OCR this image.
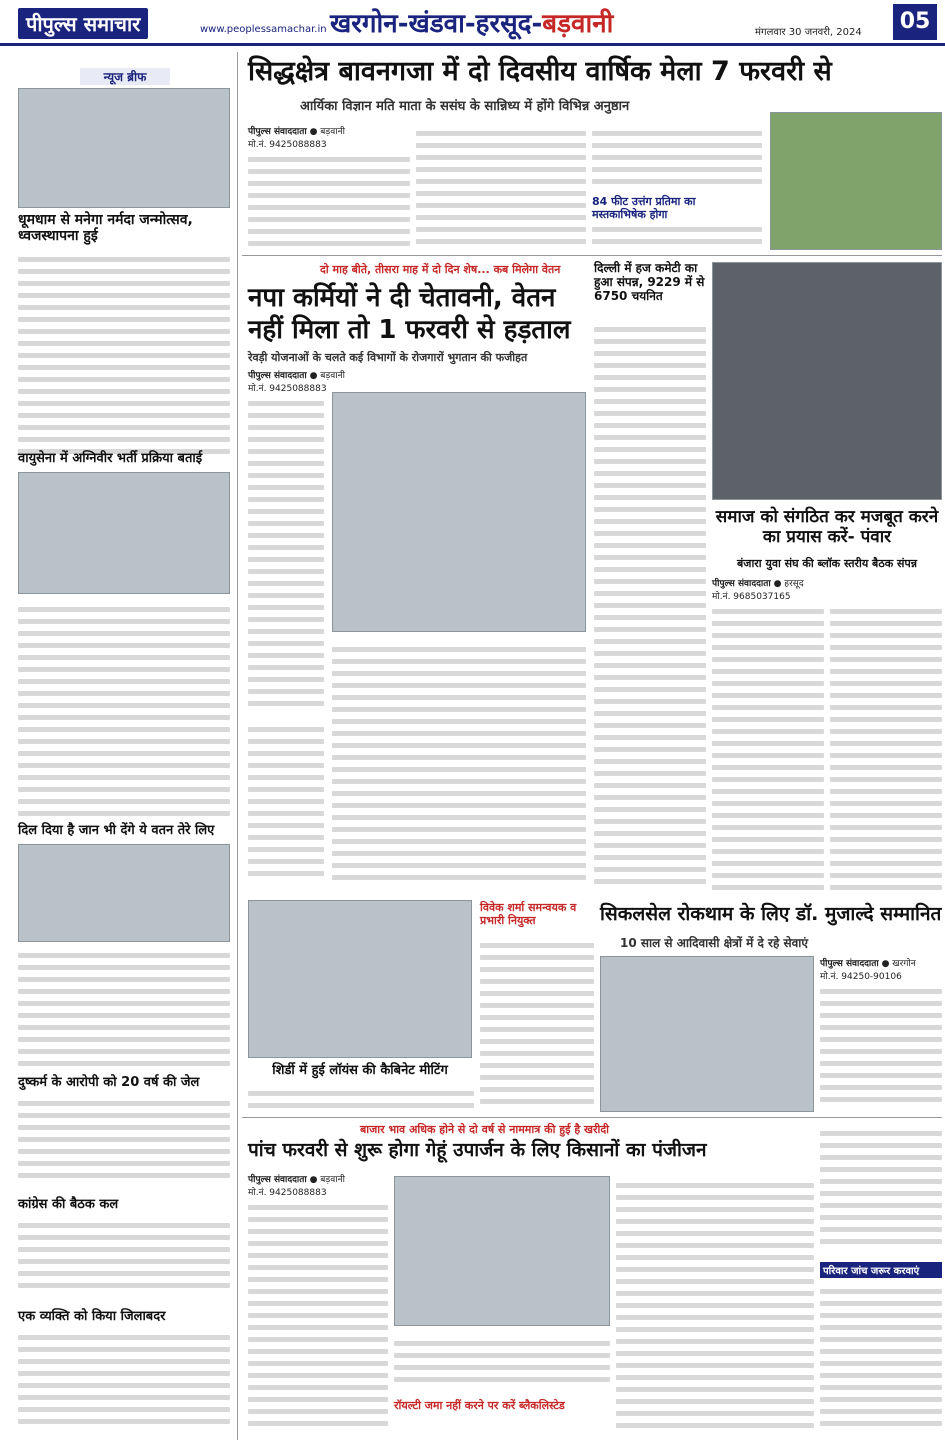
पीपुल्स समाचार	www.peoplessamachar.in खरगोन-खंडवा-हरसूद-बड़वानी	मंगलवार 30 जनवरी, 2024	05
न्यूज ब्रीफ
धूमधाम से मनेगा नर्मदा जन्मोत्सव, ध्वजस्थापना हुई
वायुसेना में अग्निवीर भर्ती प्रक्रिया बताई
दिल दिया है जान भी देंगे ये वतन तेरे लिए
दुष्कर्म के आरोपी को 20 वर्ष की जेल
कांग्रेस की बैठक कल
एक व्यक्ति को किया जिलाबदर
सिद्धक्षेत्र बावनगजा में दो दिवसीय वार्षिक मेला 7 फरवरी से
आर्यिका विज्ञान मति माता के ससंघ के सान्निध्य में होंगे विभिन्न अनुष्ठान
पीपुल्स संवाददाता ● बड़वानी
मो.नं. 9425088883
84 फीट उत्तंग प्रतिमा का मस्तकाभिषेक होगा
दो माह बीते, तीसरा माह में दो दिन शेष... कब मिलेगा वेतन
नपा कर्मियों ने दी चेतावनी, वेतन नहीं मिला तो 1 फरवरी से हड़ताल
रेवड़ी योजनाओं के चलते कई विभागों के रोजगारों भुगतान की फजीहत
पीपुल्स संवाददाता ● बड़वानी
मो.नं. 9425088883
दिल्ली में हज कमेटी का हुआ संपन्न, 9229 में से 6750 चयनित
समाज को संगठित कर मजबूत करने का प्रयास करें- पंवार
बंजारा युवा संघ की ब्लॉक स्तरीय बैठक संपन्न
पीपुल्स संवाददाता ● हरसूद
मो.नं. 9685037165
शिर्डी में हुई लॉयंस की कैबिनेट मीटिंग
विवेक शर्मा समन्वयक व प्रभारी नियुक्त	सिकलसेल रोकथाम के लिए डॉ. मुजाल्दे सम्मानित
10 साल से आदिवासी क्षेत्रों में दे रहे सेवाएं
पीपुल्स संवाददाता ● खरगोन
मो.नं. 94250-90106
परिवार जांच जरूर करवाएं
बाजार भाव अधिक होने से दो वर्ष से नाममात्र की हुई है खरीदी
पांच फरवरी से शुरू होगा गेहूं उपार्जन के लिए किसानों का पंजीजन
पीपुल्स संवाददाता ● बड़वानी
मो.नं. 9425088883
रॉयल्टी जमा नहीं करने पर करें ब्लैकलिस्टेड
